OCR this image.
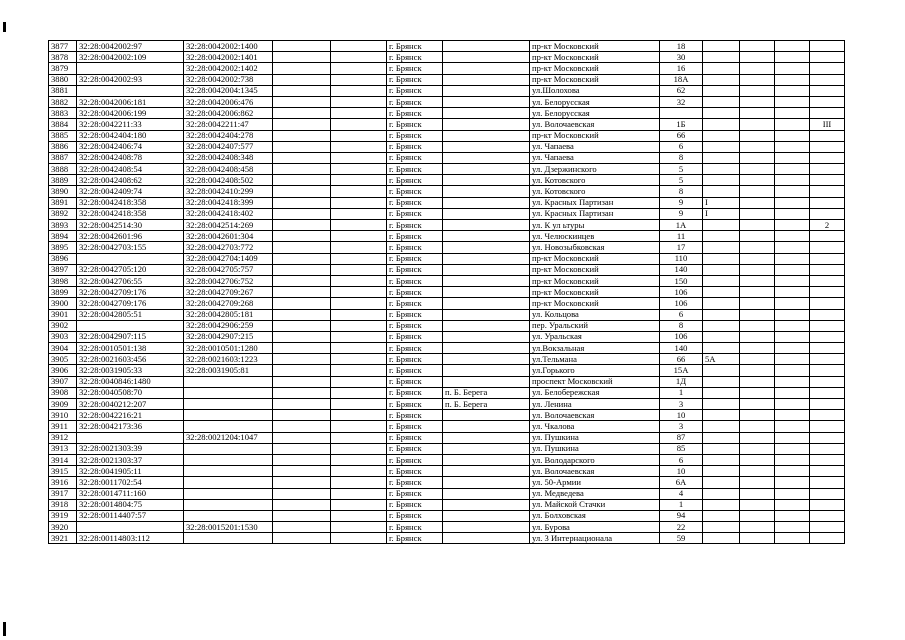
3877	32:28:0042002:97	32:28:0042002:1400			г. Брянск		пр-кт Московский	18				
3878	32:28:0042002:109	32:28:0042002:1401			г. Брянск		пр-кт Московский	30				
3879		32:28:0042002:1402			г. Брянск		пр-кт Московский	16				
3880	32:28:0042002:93	32:28:0042002:738			г. Брянск		пр-кт Московский	18А				
3881		32:28:0042004:1345			г. Брянск		ул.Шолохова	62				
3882	32:28:0042006:181	32:28:0042006:476			г. Брянск		ул. Белорусская	32				
3883	32:28:0042006:199	32:28:0042006:862			г. Брянск		ул. Белорусская					
3884	32:28:0042211:33	32:28:0042211:47			г. Брянск		ул. Волочаевская	1Б				III
3885	32:28:0042404:180	32:28:0042404:278			г. Брянск		пр-кт Московский	66				
3886	32:28:0042406:74	32:28:0042407:577			г. Брянск		ул. Чапаева	6				
3887	32:28:0042408:78	32:28:0042408:348			г. Брянск		ул. Чапаева	8				
3888	32:28:0042408:54	32:28:0042408:458			г. Брянск		ул. Дзержинского	5				
3889	32:28:0042408:62	32:28:0042408:502			г. Брянск		ул. Котовского	5				
3890	32:28:0042409:74	32:28:0042410:299			г. Брянск		ул. Котовского	8				
3891	32:28:0042418:358	32:28:0042418:399			г. Брянск		ул. Красных Партизан	9	I			
3892	32:28:0042418:358	32:28:0042418:402			г. Брянск		ул. Красных Партизан	9	I			
3893	32:28:0042514:30	32:28:0042514:269			г. Брянск		ул. К ул ьтуры	1А				2
3894	32:28:0042601:96	32:28:0042601:304			г. Брянск		ул. Челюскинцев	11				
3895	32:28:0042703:155	32:28:0042703:772			г. Брянск		ул. Новозыбковская	17				
3896		32:28:0042704:1409			г. Брянск		пр-кт Московский	110				
3897	32:28:0042705:120	32:28:0042705:757			г. Брянск		пр-кт Московский	140				
3898	32:28:0042706:55	32:28:0042706:752			г. Брянск		пр-кт Московский	150				
3899	32:28:0042709:176	32:28:0042709:267			г. Брянск		пр-кт Московский	106				
3900	32:28:0042709:176	32:28:0042709:268			г. Брянск		пр-кт Московский	106				
3901	32:28:0042805:51	32:28:0042805:181			г. Брянск		ул. Кольцова	6				
3902		32:28:0042906:259			г. Брянск		пер. Уральский	8				
3903	32:28:0042907:115	32:28:0042907:215			г. Брянск		ул. Уральская	106				
3904	32:28:0010501:138	32:28:0010501:1280			г. Брянск		ул.Вокзальная	140				
3905	32:28:0021603:456	32:28:0021603:1223			г. Брянск		ул.Тельмана	66	5А			
3906	32:28:0031905:33	32:28:0031905:81			г. Брянск		ул.Горького	15А				
3907	32:28:0040846:1480				г. Брянск		проспект Московский	1Д				
3908	32:28:0040508:70				г. Брянск	п. Б. Берега	ул. Белобережская	1				
3909	32:28:0040212:207				г. Брянск	п. Б. Берега	ул. Ленина	3				
3910	32:28:0042216:21				г. Брянск		ул. Волочаевская	10				
3911	32:28:0042173:36				г. Брянск		ул. Чкалова	3				
3912		32:28:0021204:1047			г. Брянск		ул. Пушкина	87				
3913	32:28:0021303:39				г. Брянск		ул. Пушкина	85				
3914	32:28:0021303:37				г. Брянск		ул. Володарского	6				
3915	32:28:0041905:11				г. Брянск		ул. Волочаевская	10				
3916	32:28:0011702:54				г. Брянск		ул. 50-Армии	6А				
3917	32:28:0014711:160				г. Брянск		ул. Медведева	4				
3918	32:28:0014804:75				г. Брянск		ул. Майской Стачки	1				
3919	32:28:00114407:57				г. Брянск		ул. Болховская	94				
3920		32:28:0015201:1530			г. Брянск		ул. Бурова	22				
3921	32:28:00114803:112				г. Брянск		ул. 3 Интернационала	59				
